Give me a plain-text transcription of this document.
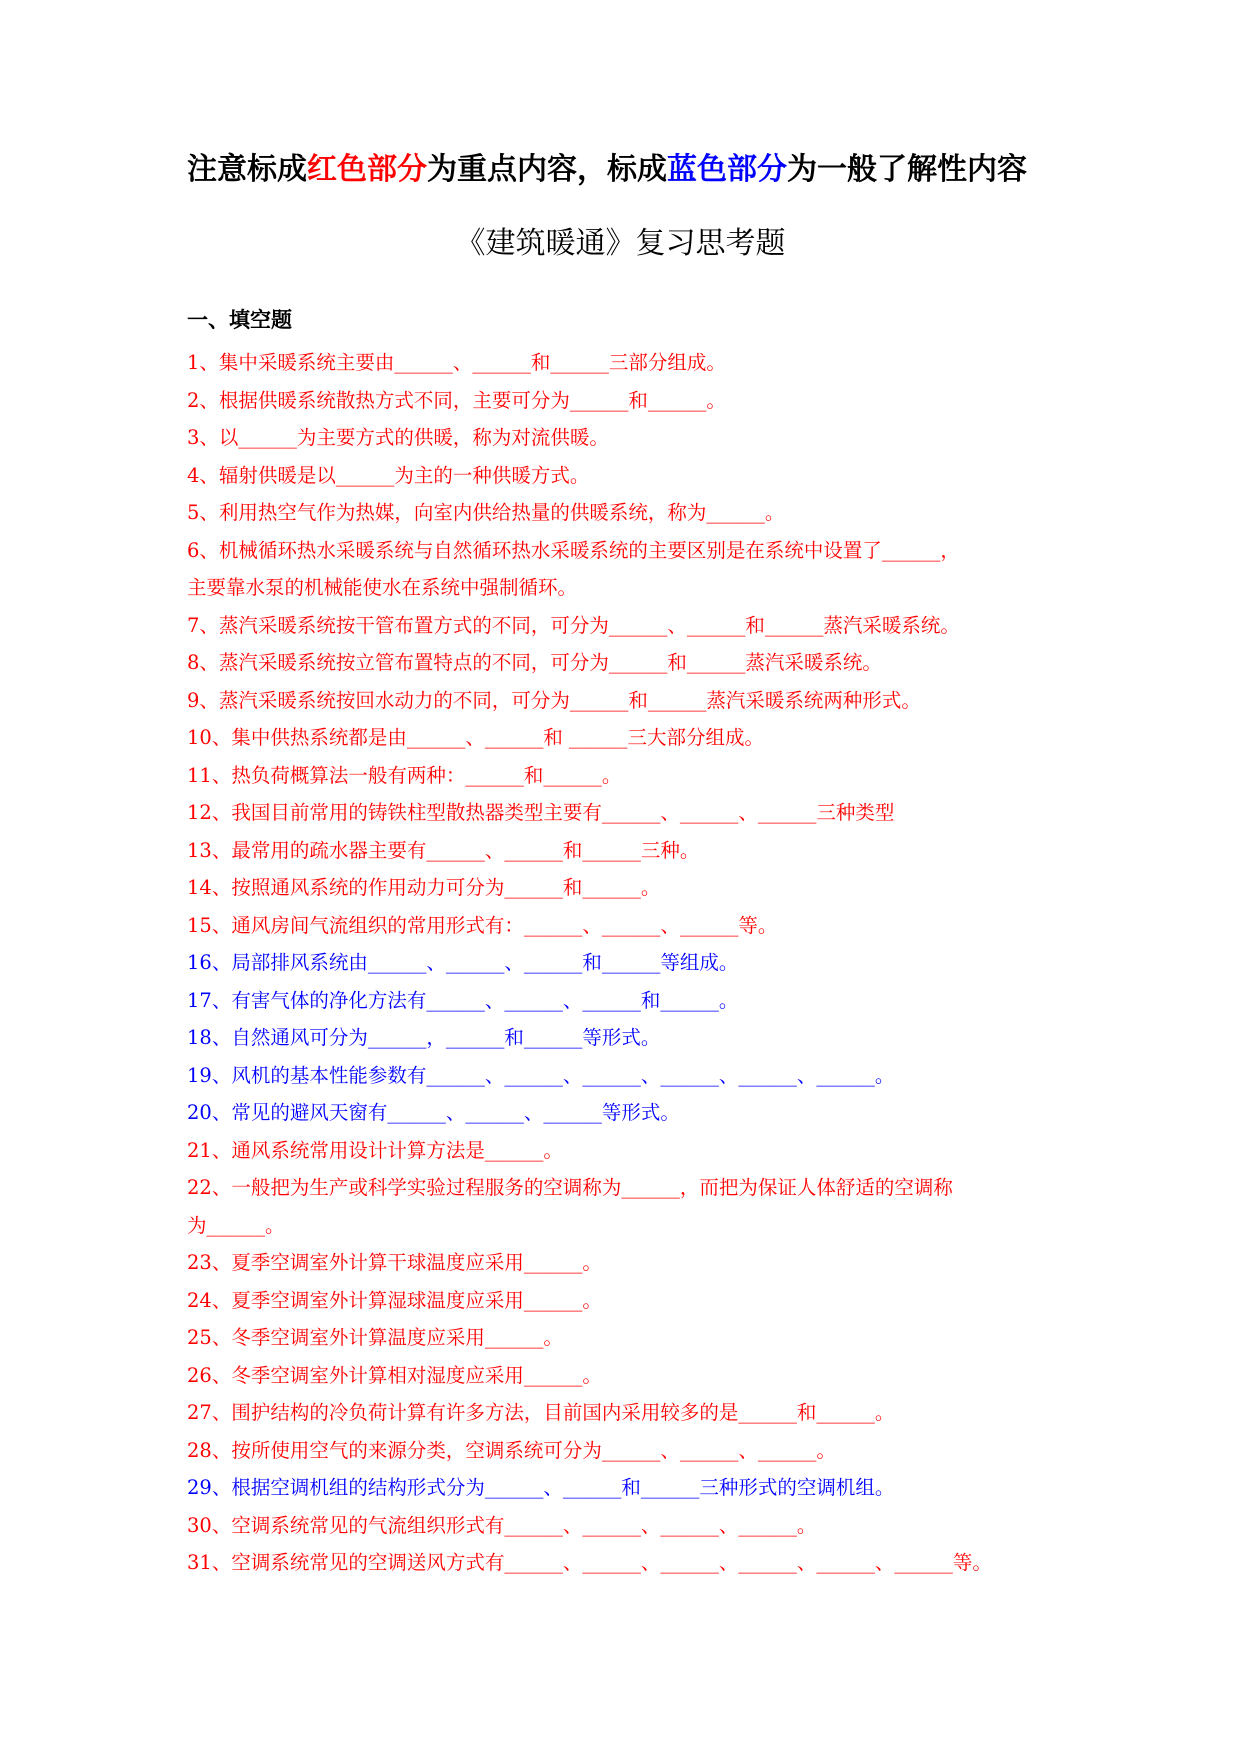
注意标成红色部分为重点内容，标成蓝色部分为一般了解性内容
《建筑暖通》复习思考题
一、填空题
1、集中采暖系统主要由______、______和______三部分组成。
2、根据供暖系统散热方式不同，主要可分为______和______。
3、以______为主要方式的供暖，称为对流供暖。
4、辐射供暖是以______为主的一种供暖方式。
5、利用热空气作为热媒，向室内供给热量的供暖系统，称为______。
6、机械循环热水采暖系统与自然循环热水采暖系统的主要区别是在系统中设置了______，
主要靠水泵的机械能使水在系统中强制循环。
7、蒸汽采暖系统按干管布置方式的不同，可分为______、______和______蒸汽采暖系统。
8、蒸汽采暖系统按立管布置特点的不同，可分为______和______蒸汽采暖系统。
9、蒸汽采暖系统按回水动力的不同，可分为______和______蒸汽采暖系统两种形式。
10、集中供热系统都是由______、______和 ______三大部分组成。
11、热负荷概算法一般有两种：______和______。
12、我国目前常用的铸铁柱型散热器类型主要有______、______、______三种类型
13、最常用的疏水器主要有______、______和______三种。
14、按照通风系统的作用动力可分为______和______。
15、通风房间气流组织的常用形式有：______、______、______等。
16、局部排风系统由______、______、______和______等组成。
17、有害气体的净化方法有______、______、______和______。
18、自然通风可分为______，______和______等形式。
19、风机的基本性能参数有______、______、______、______、______、______。
20、常见的避风天窗有______、______、______等形式。
21、通风系统常用设计计算方法是______。
22、一般把为生产或科学实验过程服务的空调称为______，而把为保证人体舒适的空调称
为______。
23、夏季空调室外计算干球温度应采用______。
24、夏季空调室外计算湿球温度应采用______。
25、冬季空调室外计算温度应采用______。
26、冬季空调室外计算相对湿度应采用______。
27、围护结构的冷负荷计算有许多方法，目前国内采用较多的是______和______。
28、按所使用空气的来源分类，空调系统可分为______、______、______。
29、根据空调机组的结构形式分为______、______和______三种形式的空调机组。
30、空调系统常见的气流组织形式有______、______、______、______。
31、空调系统常见的空调送风方式有______、______、______、______、______、______等。
